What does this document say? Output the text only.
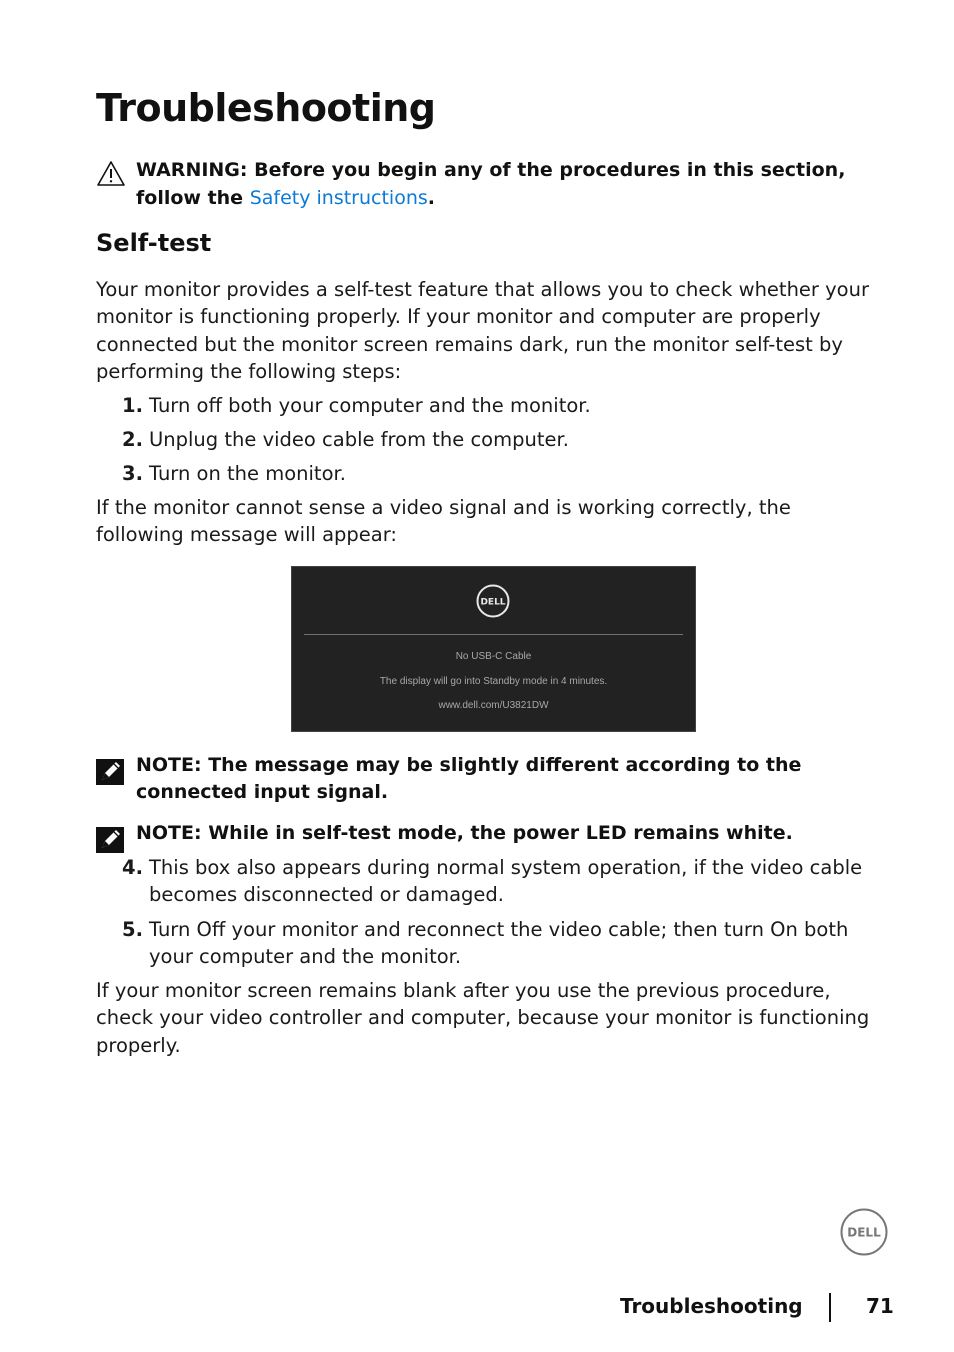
Troubleshooting
WARNING: Before you begin any of the procedures in this section, follow the Safety instructions.
Self-test
Your monitor provides a self-test feature that allows you to check whether your monitor is functioning properly. If your monitor and computer are properly connected but the monitor screen remains dark, run the monitor self-test by performing the following steps:
1. Turn off both your computer and the monitor.
2. Unplug the video cable from the computer.
3. Turn on the monitor.
If the monitor cannot sense a video signal and is working correctly, the following message will appear:
DELL
No USB-C Cable
The display will go into Standby mode in 4 minutes.
www.dell.com/U3821DW
NOTE: The message may be slightly different according to the connected input signal.
NOTE: While in self-test mode, the power LED remains white.
4. This box also appears during normal system operation, if the video cable becomes disconnected or damaged.
5. Turn Off your monitor and reconnect the video cable; then turn On both your computer and the monitor.
If your monitor screen remains blank after you use the previous procedure, check your video controller and computer, because your monitor is functioning properly.
DELL
Troubleshooting	71
